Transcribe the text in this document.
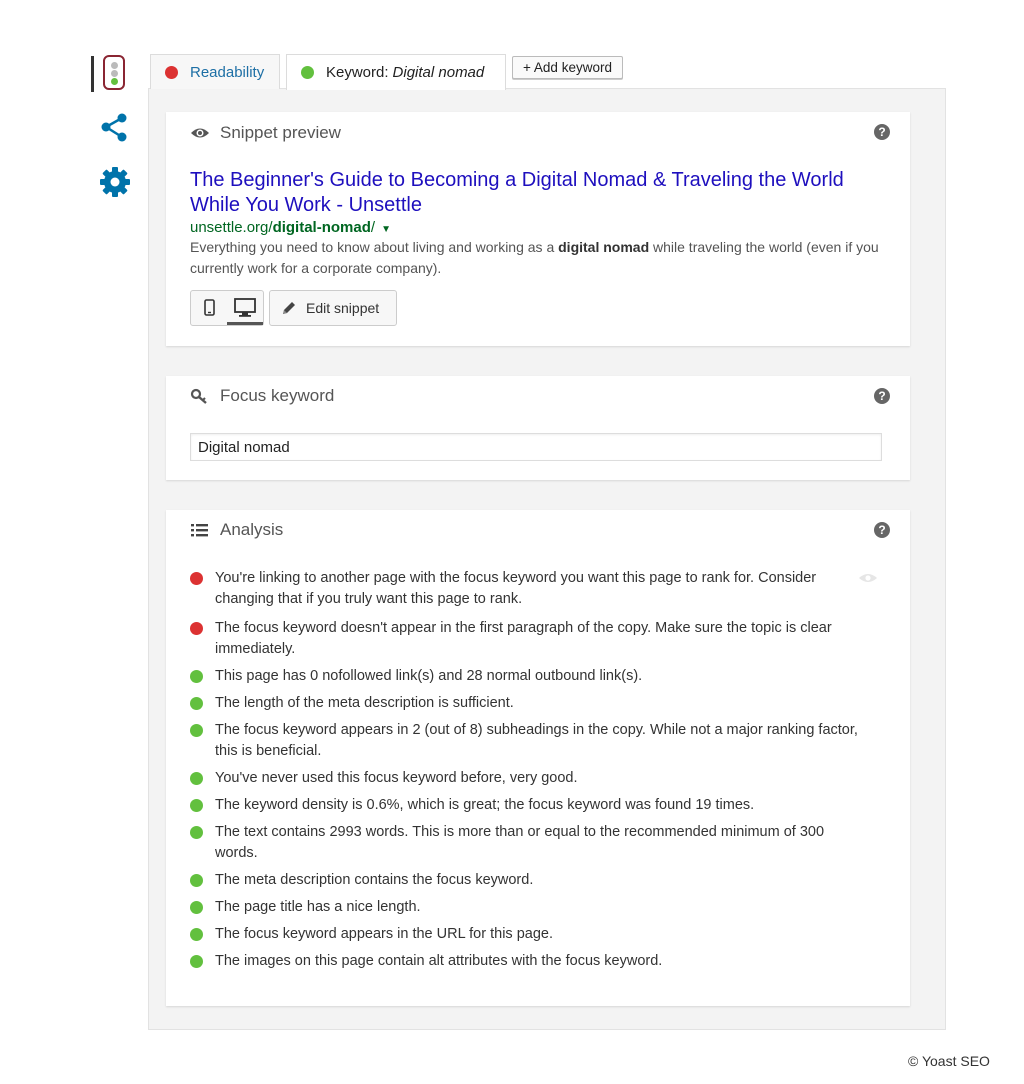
Readability	Keyword: Digital nomad	+ Add keyword
Snippet preview	?
The Beginner's Guide to Becoming a Digital Nomad & Traveling the World While You Work - Unsettle
unsettle.org/digital-nomad/ ▼
Everything you need to know about living and working as a digital nomad while traveling the world (even if you currently work for a corporate company).
Edit snippet
Focus keyword	?
Digital nomad
Analysis	?
You're linking to another page with the focus keyword you want this page to rank for. Consider changing that if you truly want this page to rank.
The focus keyword doesn't appear in the first paragraph of the copy. Make sure the topic is clear immediately.
This page has 0 nofollowed link(s) and 28 normal outbound link(s).
The length of the meta description is sufficient.
The focus keyword appears in 2 (out of 8) subheadings in the copy. While not a major ranking factor, this is beneficial.
You've never used this focus keyword before, very good.
The keyword density is 0.6%, which is great; the focus keyword was found 19 times.
The text contains 2993 words. This is more than or equal to the recommended minimum of 300 words.
The meta description contains the focus keyword.
The page title has a nice length.
The focus keyword appears in the URL for this page.
The images on this page contain alt attributes with the focus keyword.
© Yoast SEO
